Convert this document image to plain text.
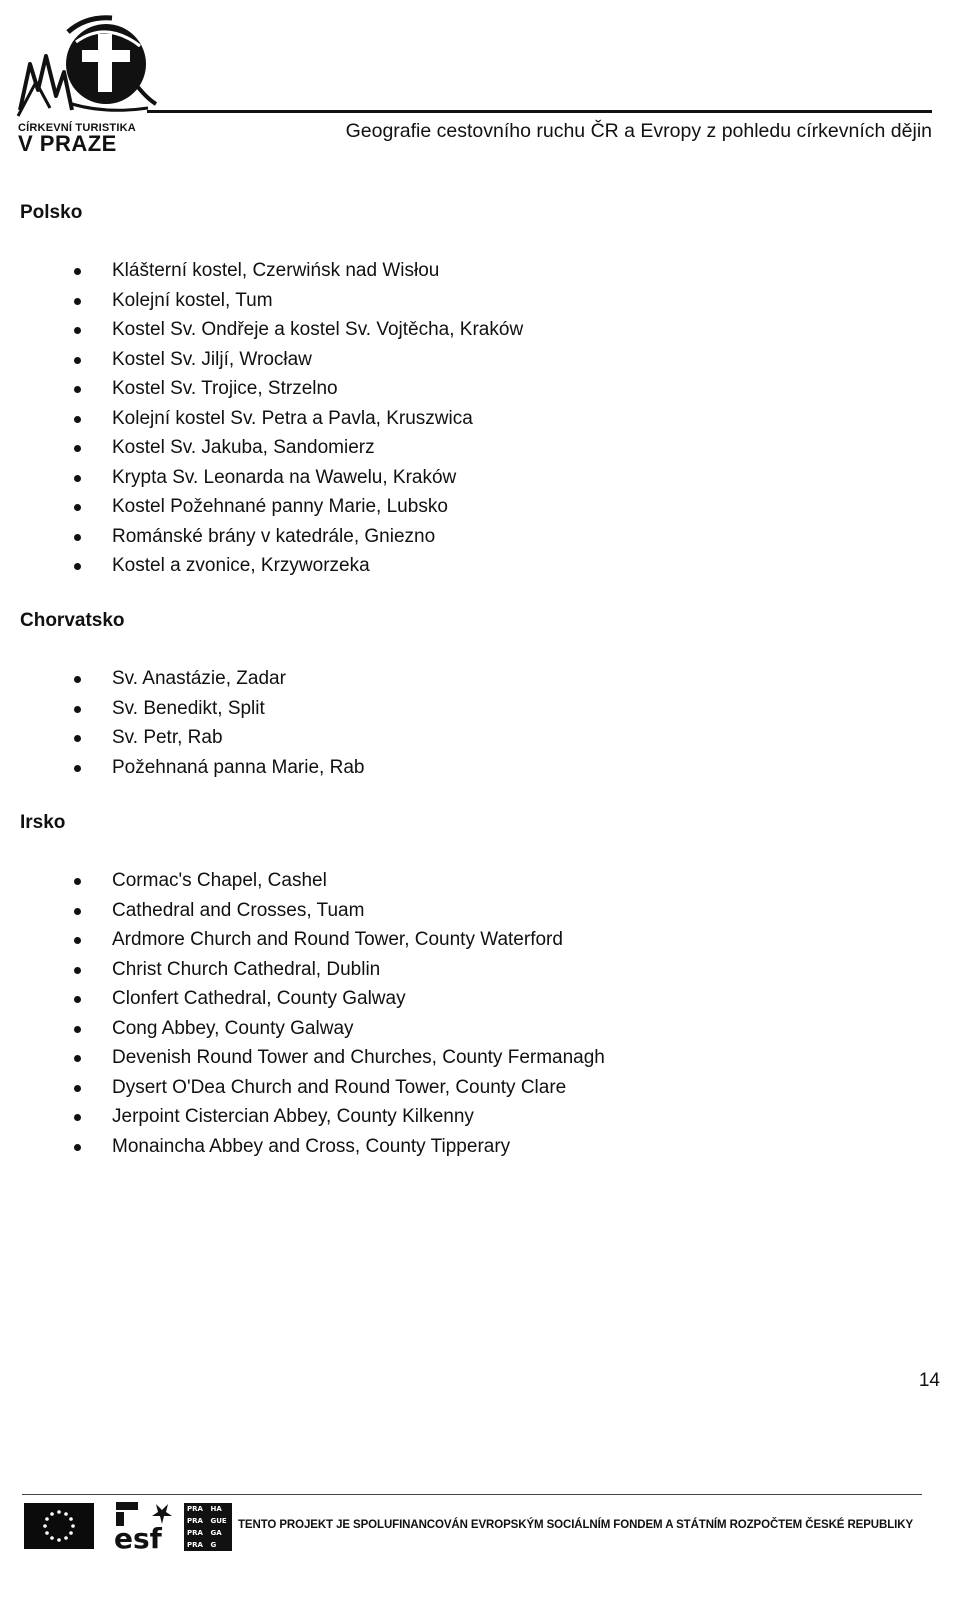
CÍRKEVNÍ TURISTIKA
V PRAZE	Geografie cestovního ruchu ČR a Evropy z pohledu církevních dějin
Polsko
Klášterní kostel, Czerwińsk nad Wisłou
Kolejní kostel, Tum
Kostel Sv. Ondřeje a kostel Sv. Vojtěcha, Kraków
Kostel Sv. Jiljí, Wrocław
Kostel Sv. Trojice, Strzelno
Kolejní kostel Sv. Petra a Pavla, Kruszwica
Kostel Sv. Jakuba, Sandomierz
Krypta Sv. Leonarda na Wawelu, Kraków
Kostel Požehnané panny Marie, Lubsko
Románské brány v katedrále, Gniezno
Kostel a zvonice, Krzyworzeka
Chorvatsko
Sv. Anastázie, Zadar
Sv. Benedikt, Split
Sv. Petr, Rab
Požehnaná panna Marie, Rab
Irsko
Cormac's Chapel, Cashel
Cathedral and Crosses, Tuam
Ardmore Church and Round Tower, County Waterford
Christ Church Cathedral, Dublin
Clonfert Cathedral, County Galway
Cong Abbey, County Galway
Devenish Round Tower and Churches, County Fermanagh
Dysert O'Dea Church and Round Tower, County Clare
Jerpoint Cistercian Abbey, County Kilkenny
Monaincha Abbey and Cross, County Tipperary
14
esf
PRA	HA
PRA	GUE
PRA	GA
PRA	G
TENTO PROJEKT JE SPOLUFINANCOVÁN EVROPSKÝM SOCIÁLNÍM FONDEM A STÁTNÍM ROZPOČTEM ČESKÉ REPUBLIKY
